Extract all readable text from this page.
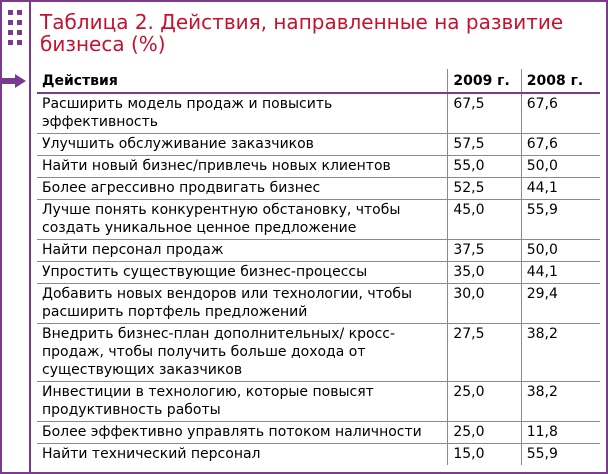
Таблица 2. Действия, направленные на развитие бизнеса (%)
Действия	2009 г.	2008 г.
Расширить модель продаж и повысить эффективность	67,5	67,6
Улучшить обслуживание заказчиков	57,5	67,6
Найти новый бизнес/привлечь новых клиентов	55,0	50,0
Более агрессивно продвигать бизнес	52,5	44,1
Лучше понять конкурентную обстановку, чтобы создать уникальное ценное предложение	45,0	55,9
Найти персонал продаж	37,5	50,0
Упростить существующие бизнес-процессы	35,0	44,1
Добавить новых вендоров или технологии, чтобы расширить портфель предложений	30,0	29,4
Внедрить бизнес-план дополнительных/ кросс-продаж, чтобы получить больше дохода от существующих заказчиков	27,5	38,2
Инвестиции в технологию, которые повысят продуктивность работы	25,0	38,2
Более эффективно управлять потоком наличности	25,0	11,8
Найти технический персонал	15,0	55,9
